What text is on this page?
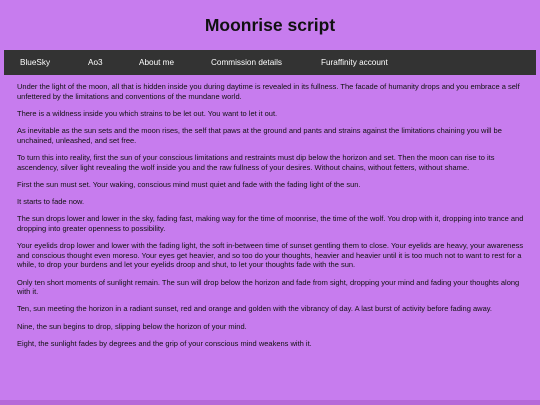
Moonrise script
BlueSky	Ao3	About me	Commission details	Furaffinity account

Under the light of the moon, all that is hidden inside you during daytime is revealed in its fullness. The facade of humanity drops and you embrace a self unfettered by the limitations and conventions of the mundane world.

There is a wildness inside you which strains to be let out. You want to let it out.

As inevitable as the sun sets and the moon rises, the self that paws at the ground and pants and strains against the limitations chaining you will be unchained, unleashed, and set free.

To turn this into reality, first the sun of your conscious limitations and restraints must dip below the horizon and set. Then the moon can rise to its ascendency, silver light revealing the wolf inside you and the raw fullness of your desires. Without chains, without fetters, without shame.

First the sun must set. Your waking, conscious mind must quiet and fade with the fading light of the sun.

It starts to fade now.

The sun drops lower and lower in the sky, fading fast, making way for the time of moonrise, the time of the wolf. You drop with it, dropping into trance and dropping into greater openness to possibility.

Your eyelids drop lower and lower with the fading light, the soft in-between time of sunset gentling them to close. Your eyelids are heavy, your awareness and conscious thought even moreso. Your eyes get heavier, and so too do your thoughts, heavier and heavier until it is too much not to want to rest for a while, to drop your burdens and let your eyelids droop and shut, to let your thoughts fade with the sun.

Only ten short moments of sunlight remain. The sun will drop below the horizon and fade from sight, dropping your mind and fading your thoughts along with it.

Ten, sun meeting the horizon in a radiant sunset, red and orange and golden with the vibrancy of day. A last burst of activity before fading away.

Nine, the sun begins to drop, slipping below the horizon of your mind.

Eight, the sunlight fades by degrees and the grip of your conscious mind weakens with it.
